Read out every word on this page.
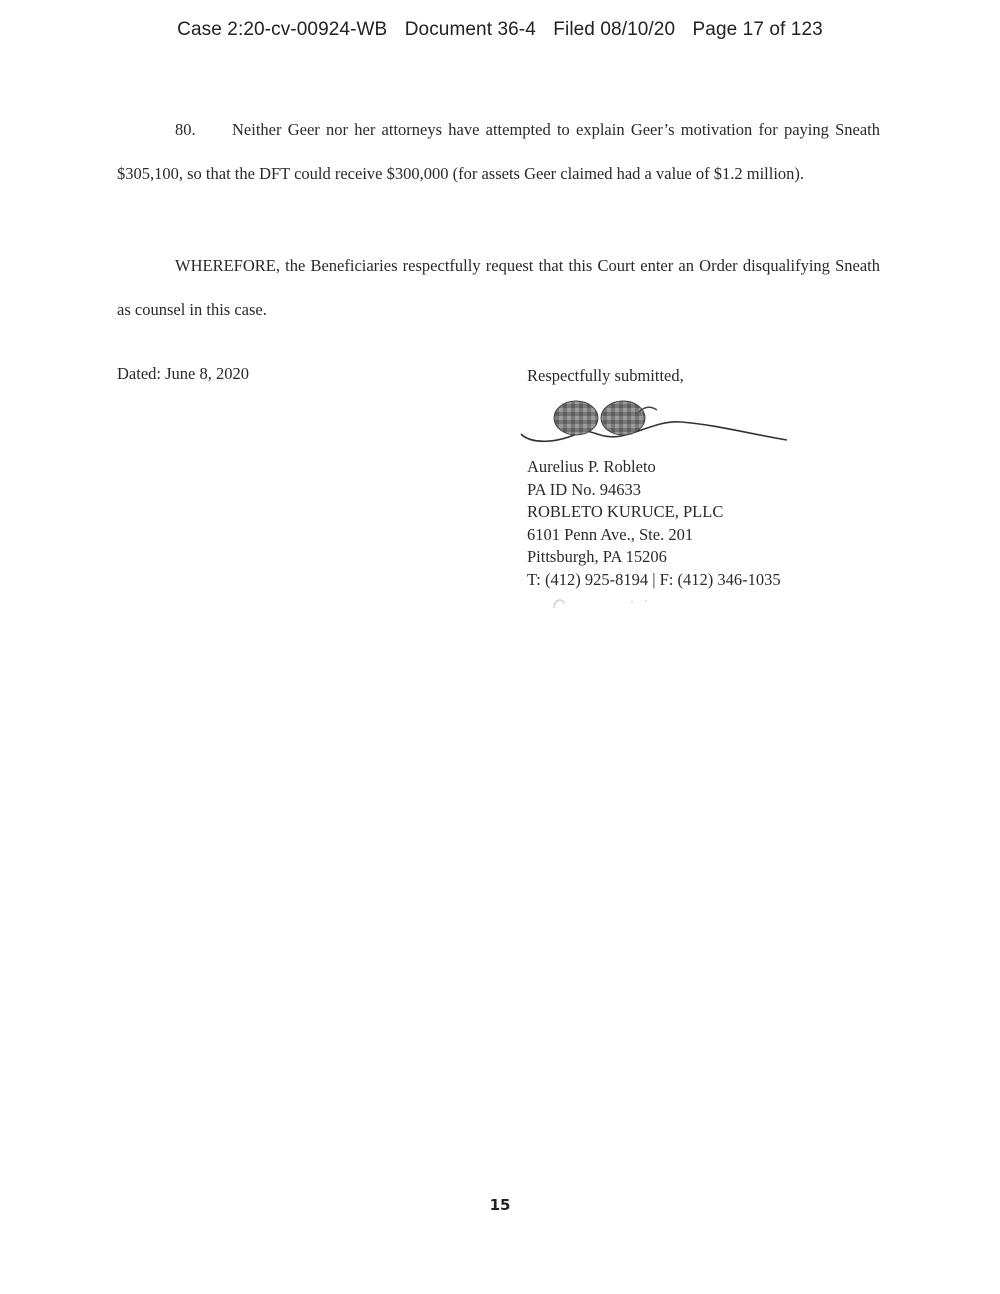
Case 2:20-cv-00924-WB Document 36-4 Filed 08/10/20 Page 17 of 123
80. Neither Geer nor her attorneys have attempted to explain Geer’s motivation for paying Sneath $305,100, so that the DFT could receive $300,000 (for assets Geer claimed had a value of $1.2 million).
WHEREFORE, the Beneficiaries respectfully request that this Court enter an Order disqualifying Sneath as counsel in this case.
Dated: June 8, 2020	Respectfully submitted,

Aurelius P. Robleto
PA ID No. 94633
ROBLETO KURUCE, PLLC
6101 Penn Ave., Ste. 201
Pittsburgh, PA 15206
T: (412) 925-8194 | F: (412) 346-1035
15
